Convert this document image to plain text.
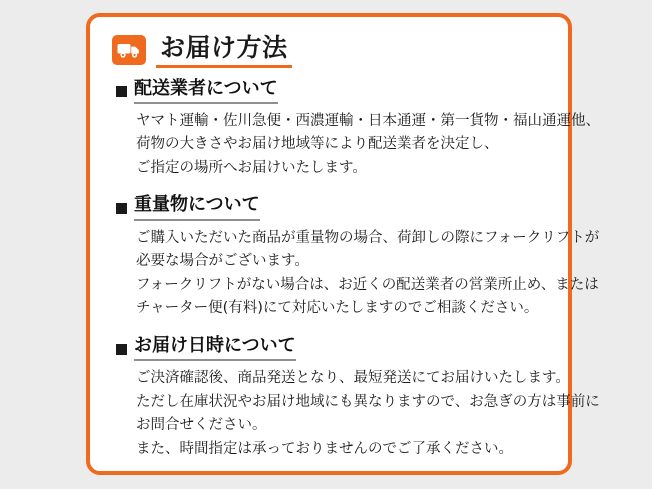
お届け方法
配送業者について

ヤマト運輸・佐川急便・西濃運輸・日本通運・第一貨物・福山通運他、

荷物の大きさやお届け地域等により配送業者を決定し、

ご指定の場所へお届けいたします。

重量物について

ご購入いただいた商品が重量物の場合、荷卸しの際にフォークリフトが

必要な場合がございます。

フォークリフトがない場合は、お近くの配送業者の営業所止め、または

チャーター便(有料)にて対応いたしますのでご相談ください。

お届け日時について

ご決済確認後、商品発送となり、最短発送にてお届けいたします。

ただし在庫状況やお届け地域にも異なりますので、お急ぎの方は事前に

お問合せください。

また、時間指定は承っておりませんのでご了承ください。
